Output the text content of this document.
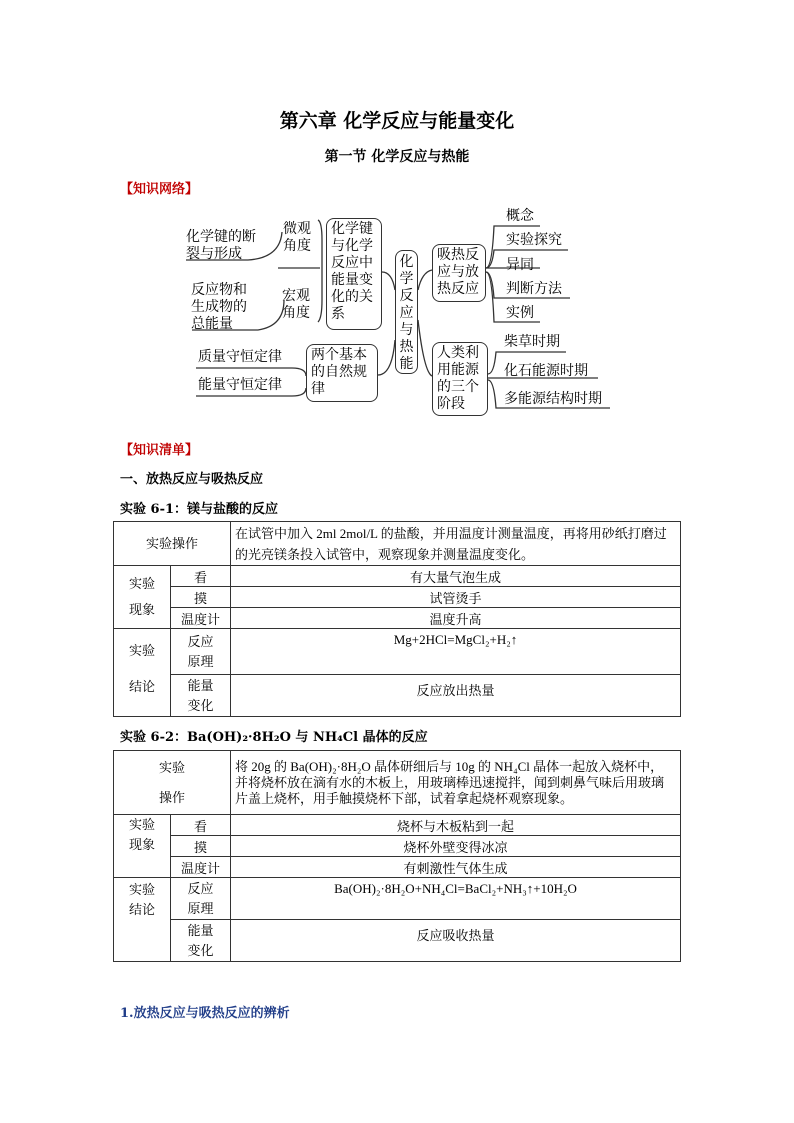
第六章 化学反应与能量变化
第一节 化学反应与热能
【知识网络】
化学键的断裂与形成
微观角度
反应物和生成物的总能量
宏观角度
化学键与化学反应中能量变化的关系
质量守恒定律
能量守恒定律
两个基本的自然规律
化学反应与热能
吸热反应与放热反应
概念
实验探究
异同
判断方法
实例
人类利用能源的三个阶段
柴草时期
化石能源时期
多能源结构时期
【知识清单】
一、放热反应与吸热反应
实验 6-1：镁与盐酸的反应
实验操作		在试管中加入 2ml 2mol/L 的盐酸，并用温度计测量温度，再将用砂纸打磨过的光亮镁条投入试管中，观察现象并测量温度变化。
实验现象	看	有大量气泡生成
	摸	试管烫手
	温度计	温度升高
实验结论	反应原理	Mg+2HCl=MgCl₂+H₂↑
	能量变化	反应放出热量
实验 6-2：Ba(OH)₂·8H₂O 与 NH₄Cl 晶体的反应
实验操作		将 20g 的 Ba(OH)₂·8H₂O 晶体研细后与 10g 的 NH₄Cl 晶体一起放入烧杯中，并将烧杯放在滴有水的木板上，用玻璃棒迅速搅拌，闻到刺鼻气味后用玻璃片盖上烧杯，用手触摸烧杯下部，试着拿起烧杯观察现象。
实验现象	看	烧杯与木板粘到一起
	摸	烧杯外壁变得冰凉
	温度计	有刺激性气体生成
实验结论	反应原理	Ba(OH)₂·8H₂O+NH₄Cl=BaCl₂+NH₃↑+10H₂O
	能量变化	反应吸收热量
1.放热反应与吸热反应的辨析
